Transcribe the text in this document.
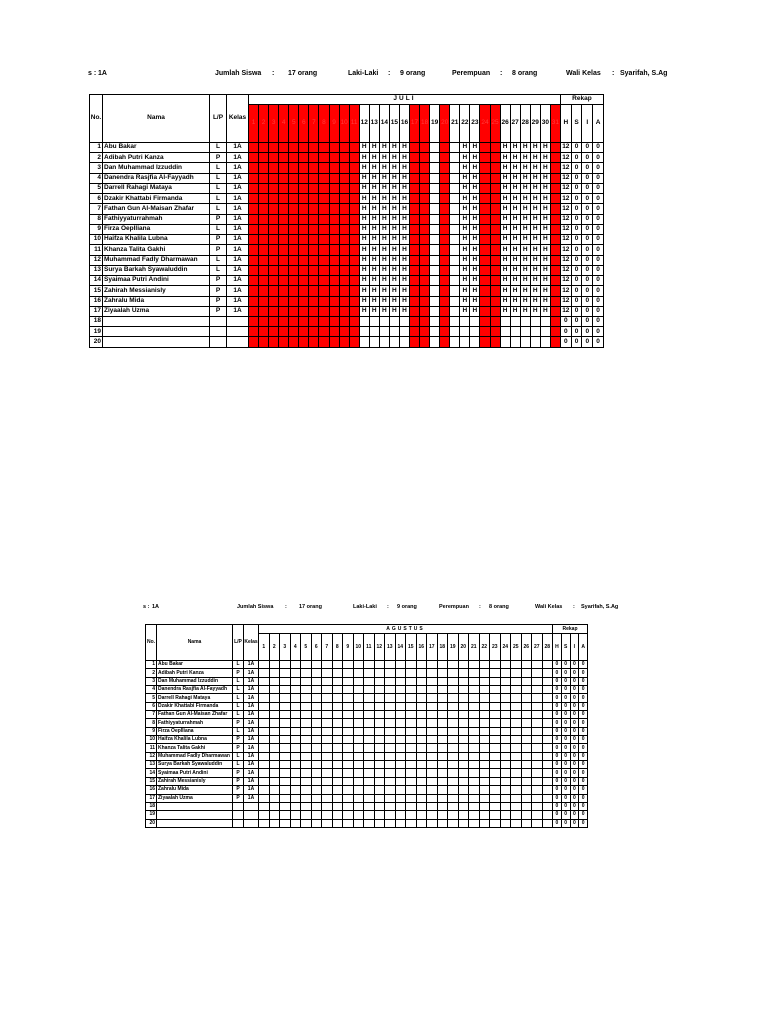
s : 1A	Jumlah Siswa	:	17 orang	Laki-Laki	:	9 orang	Perempuan	:	8 orang	Wali Kelas	: Syarifah, S.Ag
No.	Nama	L/P	Kelas	JULI																															Rekap			
				1	2	3	4	5	6	7	8	9	10	11	12	13	14	15	16	17	18	19	20	21	22	23	24	25	26	27	28	29	30	31	H	S	I	A
1	Abu Bakar	L	1A												H	H	H	H	H						H	H			H	H	H	H	H		12	0	0	0
2	Adibah Putri Kanza	P	1A												H	H	H	H	H						H	H			H	H	H	H	H		12	0	0	0
3	Dan Muhammad Izzuddin	L	1A												H	H	H	H	H						H	H			H	H	H	H	H		12	0	0	0
4	Danendra Rasjfia Al-Fayyadh	L	1A												H	H	H	H	H						H	H			H	H	H	H	H		12	0	0	0
5	Darrell Rahagi Mataya	L	1A												H	H	H	H	H						H	H			H	H	H	H	H		12	0	0	0
6	Dzakir Khattabi Firmanda	L	1A												H	H	H	H	H						H	H			H	H	H	H	H		12	0	0	0
7	Fathan Gun Al-Maisan Zhafar	L	1A												H	H	H	H	H						H	H			H	H	H	H	H		12	0	0	0
8	Fathiyyaturrahmah	P	1A												H	H	H	H	H						H	H			H	H	H	H	H		12	0	0	0
9	Firza Oeplliana	L	1A												H	H	H	H	H						H	H			H	H	H	H	H		12	0	0	0
10	Haifza Khalila Lubna	P	1A												H	H	H	H	H						H	H			H	H	H	H	H		12	0	0	0
11	Khanza Talita Gakhi	P	1A												H	H	H	H	H						H	H			H	H	H	H	H		12	0	0	0
12	Muhammad Fadly Dharmawan	L	1A												H	H	H	H	H						H	H			H	H	H	H	H		12	0	0	0
13	Surya Barkah Syawaluddin	L	1A												H	H	H	H	H						H	H			H	H	H	H	H		12	0	0	0
14	Syaimaa Putri Andini	P	1A												H	H	H	H	H						H	H			H	H	H	H	H		12	0	0	0
15	Zahirah Messianisly	P	1A												H	H	H	H	H						H	H			H	H	H	H	H		12	0	0	0
16	Zahralu Mida	P	1A												H	H	H	H	H						H	H			H	H	H	H	H		12	0	0	0
17	Ziyaalah Uzma	P	1A												H	H	H	H	H						H	H			H	H	H	H	H		12	0	0	0
18																																			0	0	0	0
19																																			0	0	0	0
20																																			0	0	0	0
s : 1A	Jumlah Siswa	:	17 orang	Laki-Laki	:	9 orang	Perempuan	:	8 orang	Wali Kelas	:	Syarifah, S.Ag
No.	Nama	L/P	Kelas	AGUSTUS																												Rekap			
				1	2	3	4	5	6	7	8	9	10	11	12	13	14	15	16	17	18	19	20	21	22	23	24	25	26	27	28	H	S	I	A
1	Abu Bakar	L	1A																													0	0	0	0
2	Adibah Putri Kanza	P	1A																													0	0	0	0
3	Dan Muhammad Izzuddin	L	1A																													0	0	0	0
4	Danendra Rasjfia Al-Fayyadh	L	1A																													0	0	0	0
5	Darrell Rahagi Mataya	L	1A																													0	0	0	0
6	Dzakir Khattabi Firmanda	L	1A																													0	0	0	0
7	Fathan Gun Al-Maisan Zhafar	L	1A																													0	0	0	0
8	Fathiyyaturrahmah	P	1A																													0	0	0	0
9	Firza Oeplliana	L	1A																													0	0	0	0
10	Haifza Khalila Lubna	P	1A																													0	0	0	0
11	Khanza Talita Gakhi	P	1A																													0	0	0	0
12	Muhammad Fadly Dharmawan	L	1A																													0	0	0	0
13	Surya Barkah Syawaluddin	L	1A																													0	0	0	0
14	Syaimaa Putri Andini	P	1A																													0	0	0	0
15	Zahirah Messianisly	P	1A																													0	0	0	0
16	Zahralu Mida	P	1A																													0	0	0	0
17	Ziyaalah Uzma	P	1A																													0	0	0	0
18																																0	0	0	0
19																																0	0	0	0
20																																0	0	0	0
